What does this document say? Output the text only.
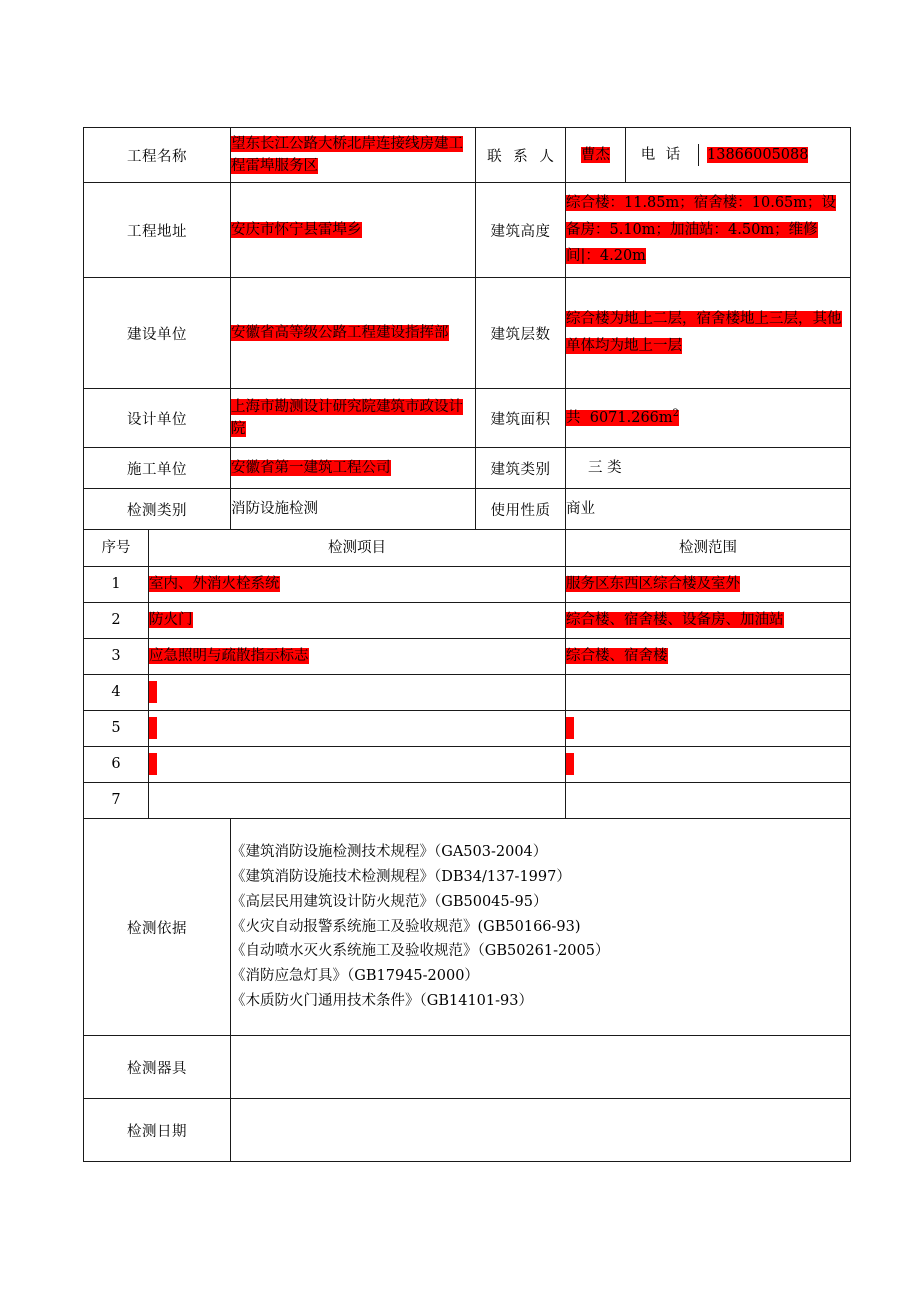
工程名称	望东长江公路大桥北岸连接线房建工程雷埠服务区	联 系 人	曹杰	电 话	13866005088

工程地址	安庆市怀宁县雷埠乡	建筑高度	综合楼：11.85m；宿舍楼：10.65m；设备房：5.10m；加油站：4.50m；维修间|：4.20m
建设单位	安徽省高等级公路工程建设指挥部	建筑层数	综合楼为地上二层，宿舍楼地上三层，其他单体均为地上一层
设计单位	上海市勘测设计研究院建筑市政设计院	建筑面积	共 $6071.266m^2$
施工单位	安徽省第一建筑工程公司	建筑类别	三 类
检测类别	消防设施检测	使用性质	商业
序号	检测项目	检测范围
1	室内、外消火栓系统	服务区东西区综合楼及室外
2	防火门	综合楼、宿舍楼、设备房、加油站
3	应急照明与疏散指示标志	综合楼、宿舍楼
4		
5		
6		
7		
检测依据	
《建筑消防设施检测技术规程》（GA503-2004）
《建筑消防设施技术检测规程》（DB34/137-1997）
《高层民用建筑设计防火规范》（GB50045-95）
《火灾自动报警系统施工及验收规范》(GB50166-93)
《自动喷水灭火系统施工及验收规范》（GB50261-2005）
《消防应急灯具》（GB17945-2000）
《木质防火门通用技术条件》（GB14101-93）

检测器具	
检测日期	
